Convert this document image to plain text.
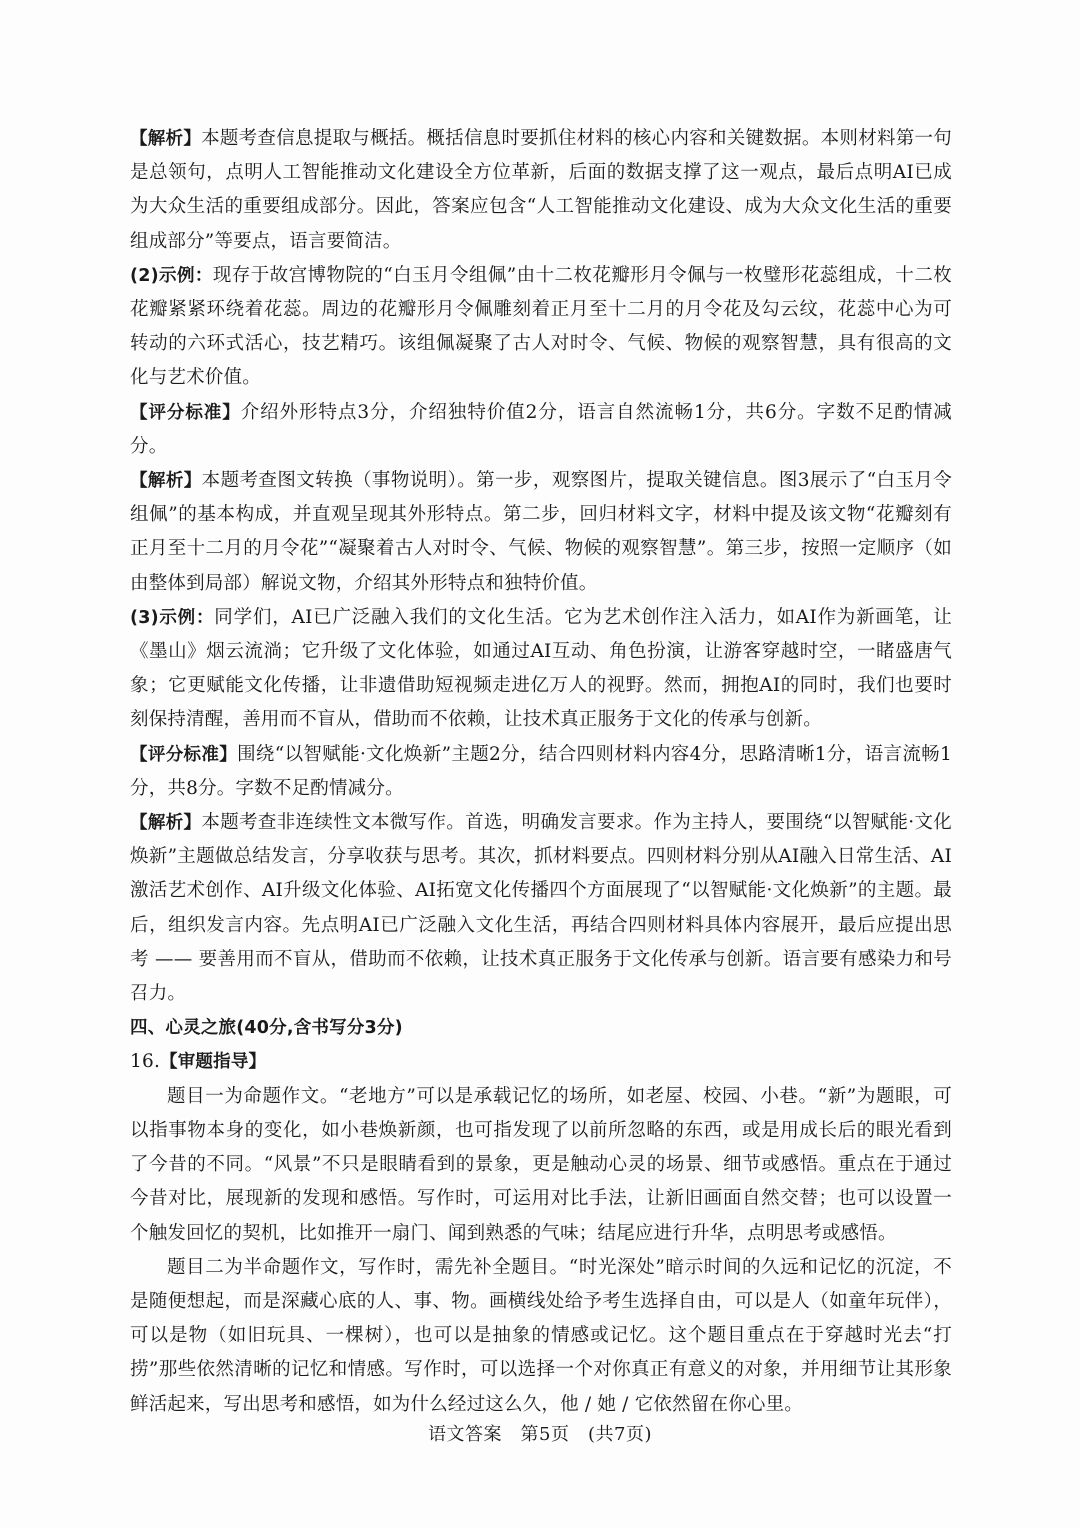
【解析】本题考查信息提取与概括。概括信息时要抓住材料的核心内容和关键数据。本则材料第一句是总领句，点明人工智能推动文化建设全方位革新，后面的数据支撑了这一观点，最后点明AI已成为大众生活的重要组成部分。因此，答案应包含“人工智能推动文化建设、成为大众文化生活的重要组成部分”等要点，语言要简洁。

(2)示例：现存于故宫博物院的“白玉月令组佩”由十二枚花瓣形月令佩与一枚璧形花蕊组成，十二枚花瓣紧紧环绕着花蕊。周边的花瓣形月令佩雕刻着正月至十二月的月令花及勾云纹，花蕊中心为可转动的六环式活心，技艺精巧。该组佩凝聚了古人对时令、气候、物候的观察智慧，具有很高的文化与艺术价值。

【评分标准】介绍外形特点3分，介绍独特价值2分，语言自然流畅1分，共6分。字数不足酌情减分。

【解析】本题考查图文转换（事物说明）。第一步，观察图片，提取关键信息。图3展示了“白玉月令组佩”的基本构成，并直观呈现其外形特点。第二步，回归材料文字，材料中提及该文物“花瓣刻有正月至十二月的月令花”“凝聚着古人对时令、气候、物候的观察智慧”。第三步，按照一定顺序（如由整体到局部）解说文物，介绍其外形特点和独特价值。

(3)示例：同学们，AI已广泛融入我们的文化生活。它为艺术创作注入活力，如AI作为新画笔，让《墨山》烟云流淌；它升级了文化体验，如通过AI互动、角色扮演，让游客穿越时空，一睹盛唐气象；它更赋能文化传播，让非遗借助短视频走进亿万人的视野。然而，拥抱AI的同时，我们也要时刻保持清醒，善用而不盲从，借助而不依赖，让技术真正服务于文化的传承与创新。

【评分标准】围绕“以智赋能·文化焕新”主题2分，结合四则材料内容4分，思路清晰1分，语言流畅1分，共8分。字数不足酌情减分。

【解析】本题考查非连续性文本微写作。首选，明确发言要求。作为主持人，要围绕“以智赋能·文化焕新”主题做总结发言，分享收获与思考。其次，抓材料要点。四则材料分别从AI融入日常生活、AI激活艺术创作、AI升级文化体验、AI拓宽文化传播四个方面展现了“以智赋能·文化焕新”的主题。最后，组织发言内容。先点明AI已广泛融入文化生活，再结合四则材料具体内容展开，最后应提出思考 —— 要善用而不盲从，借助而不依赖，让技术真正服务于文化传承与创新。语言要有感染力和号召力。

四、心灵之旅(40分,含书写分3分)

16.【审题指导】

题目一为命题作文。“老地方”可以是承载记忆的场所，如老屋、校园、小巷。“新”为题眼，可以指事物本身的变化，如小巷焕新颜，也可指发现了以前所忽略的东西，或是用成长后的眼光看到了今昔的不同。“风景”不只是眼睛看到的景象，更是触动心灵的场景、细节或感悟。重点在于通过今昔对比，展现新的发现和感悟。写作时，可运用对比手法，让新旧画面自然交替；也可以设置一个触发回忆的契机，比如推开一扇门、闻到熟悉的气味；结尾应进行升华，点明思考或感悟。

题目二为半命题作文，写作时，需先补全题目。“时光深处”暗示时间的久远和记忆的沉淀，不是随便想起，而是深藏心底的人、事、物。画横线处给予考生选择自由，可以是人（如童年玩伴），可以是物（如旧玩具、一棵树），也可以是抽象的情感或记忆。这个题目重点在于穿越时光去“打捞”那些依然清晰的记忆和情感。写作时，可以选择一个对你真正有意义的对象，并用细节让其形象鲜活起来，写出思考和感悟，如为什么经过这么久，他 / 她 / 它依然留在你心里。

语文答案　第5页　(共7页)
